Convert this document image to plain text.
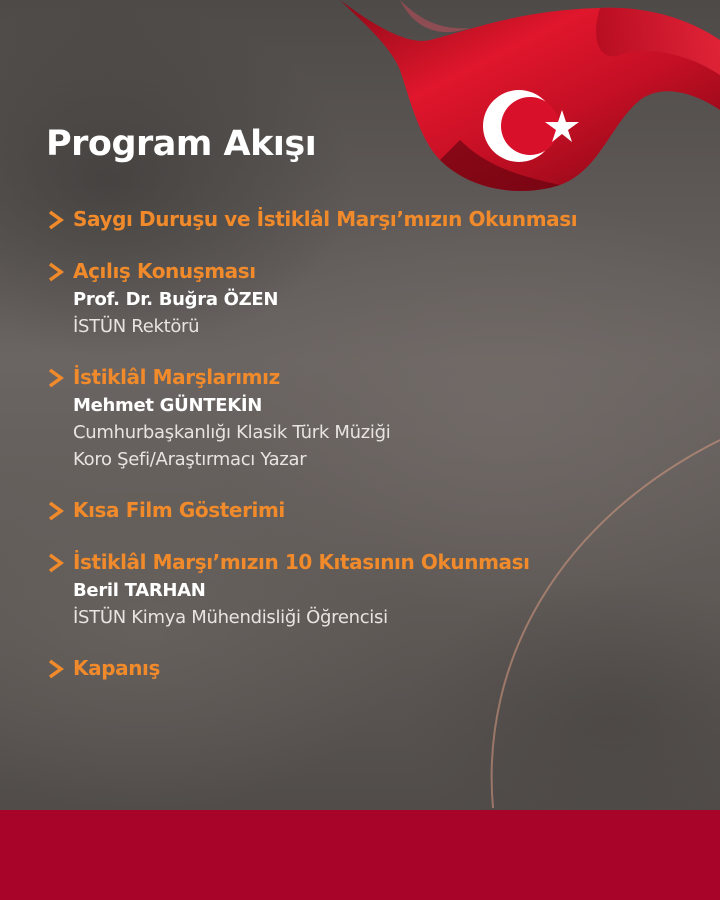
Program Akışı
Saygı Duruşu ve İstiklâl Marşı’mızın Okunması
Açılış Konuşması
Prof. Dr. Buğra ÖZEN
İSTÜN Rektörü
İstiklâl Marşlarımız
Mehmet GÜNTEKİN
Cumhurbaşkanlığı Klasik Türk Müziği
Koro Şefi/Araştırmacı Yazar
Kısa Film Gösterimi
İstiklâl Marşı’mızın 10 Kıtasının Okunması
Beril TARHAN
İSTÜN Kimya Mühendisliği Öğrencisi
Kapanış
